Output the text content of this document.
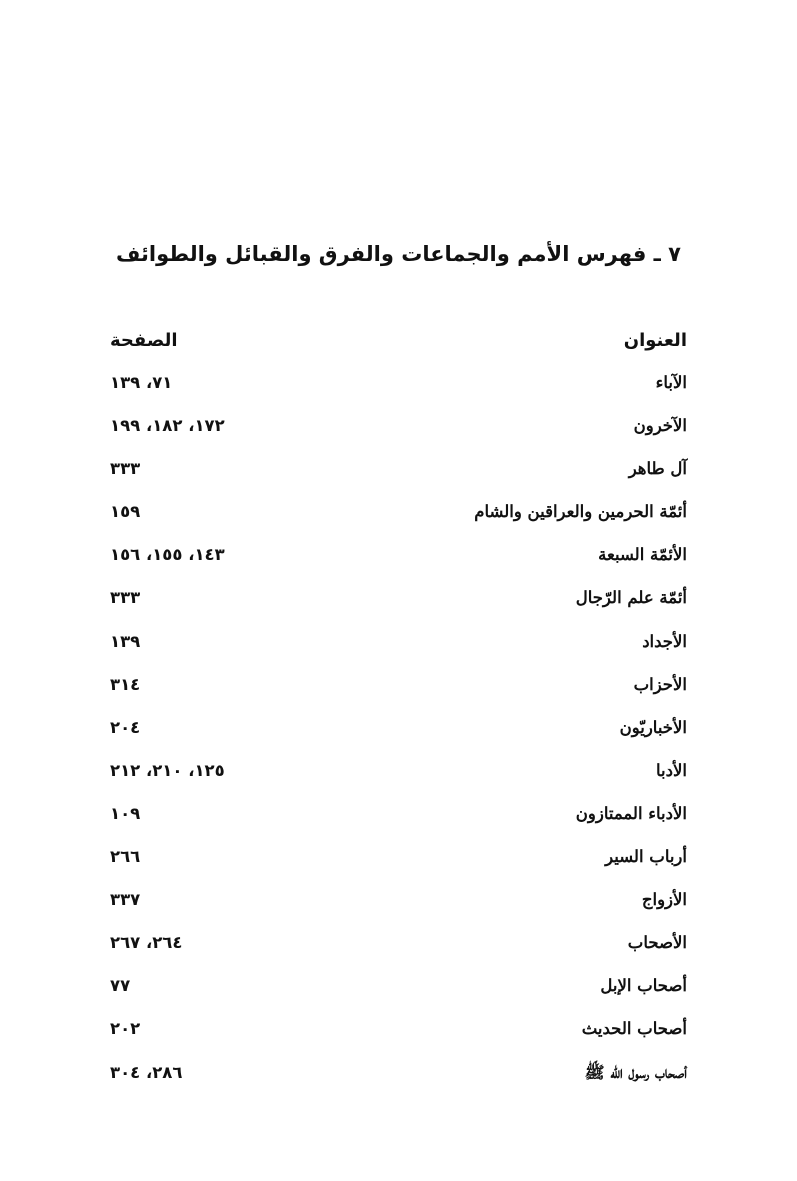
٧ ـ فهرس الأمم والجماعات والفرق والقبائل والطوائف
العنوان
الصفحة
الآباء
٧١، ١٣٩
الآخرون
١٧٢، ١٨٢، ١٩٩
آل طاهر
٣٣٣
أئمّة الحرمين والعراقين والشام
١٥٩
الأئمّة السبعة
١٤٣، ١٥٥، ١٥٦
أئمّة علم الرّجال
٣٣٣
الأجداد
١٣٩
الأحزاب
٣١٤
الأخباريّون
٢٠٤
الأدبا
١٢٥، ٢١٠، ٢١٢
الأدباء الممتازون
١٠٩
أرباب السير
٢٦٦
الأزواج
٣٣٧
الأصحاب
٢٦٤، ٢٦٧
أصحاب الإبل
٧٧
أصحاب الحديث
٢٠٢
أصحاب رسول الله ﷺ
٢٨٦، ٣٠٤
